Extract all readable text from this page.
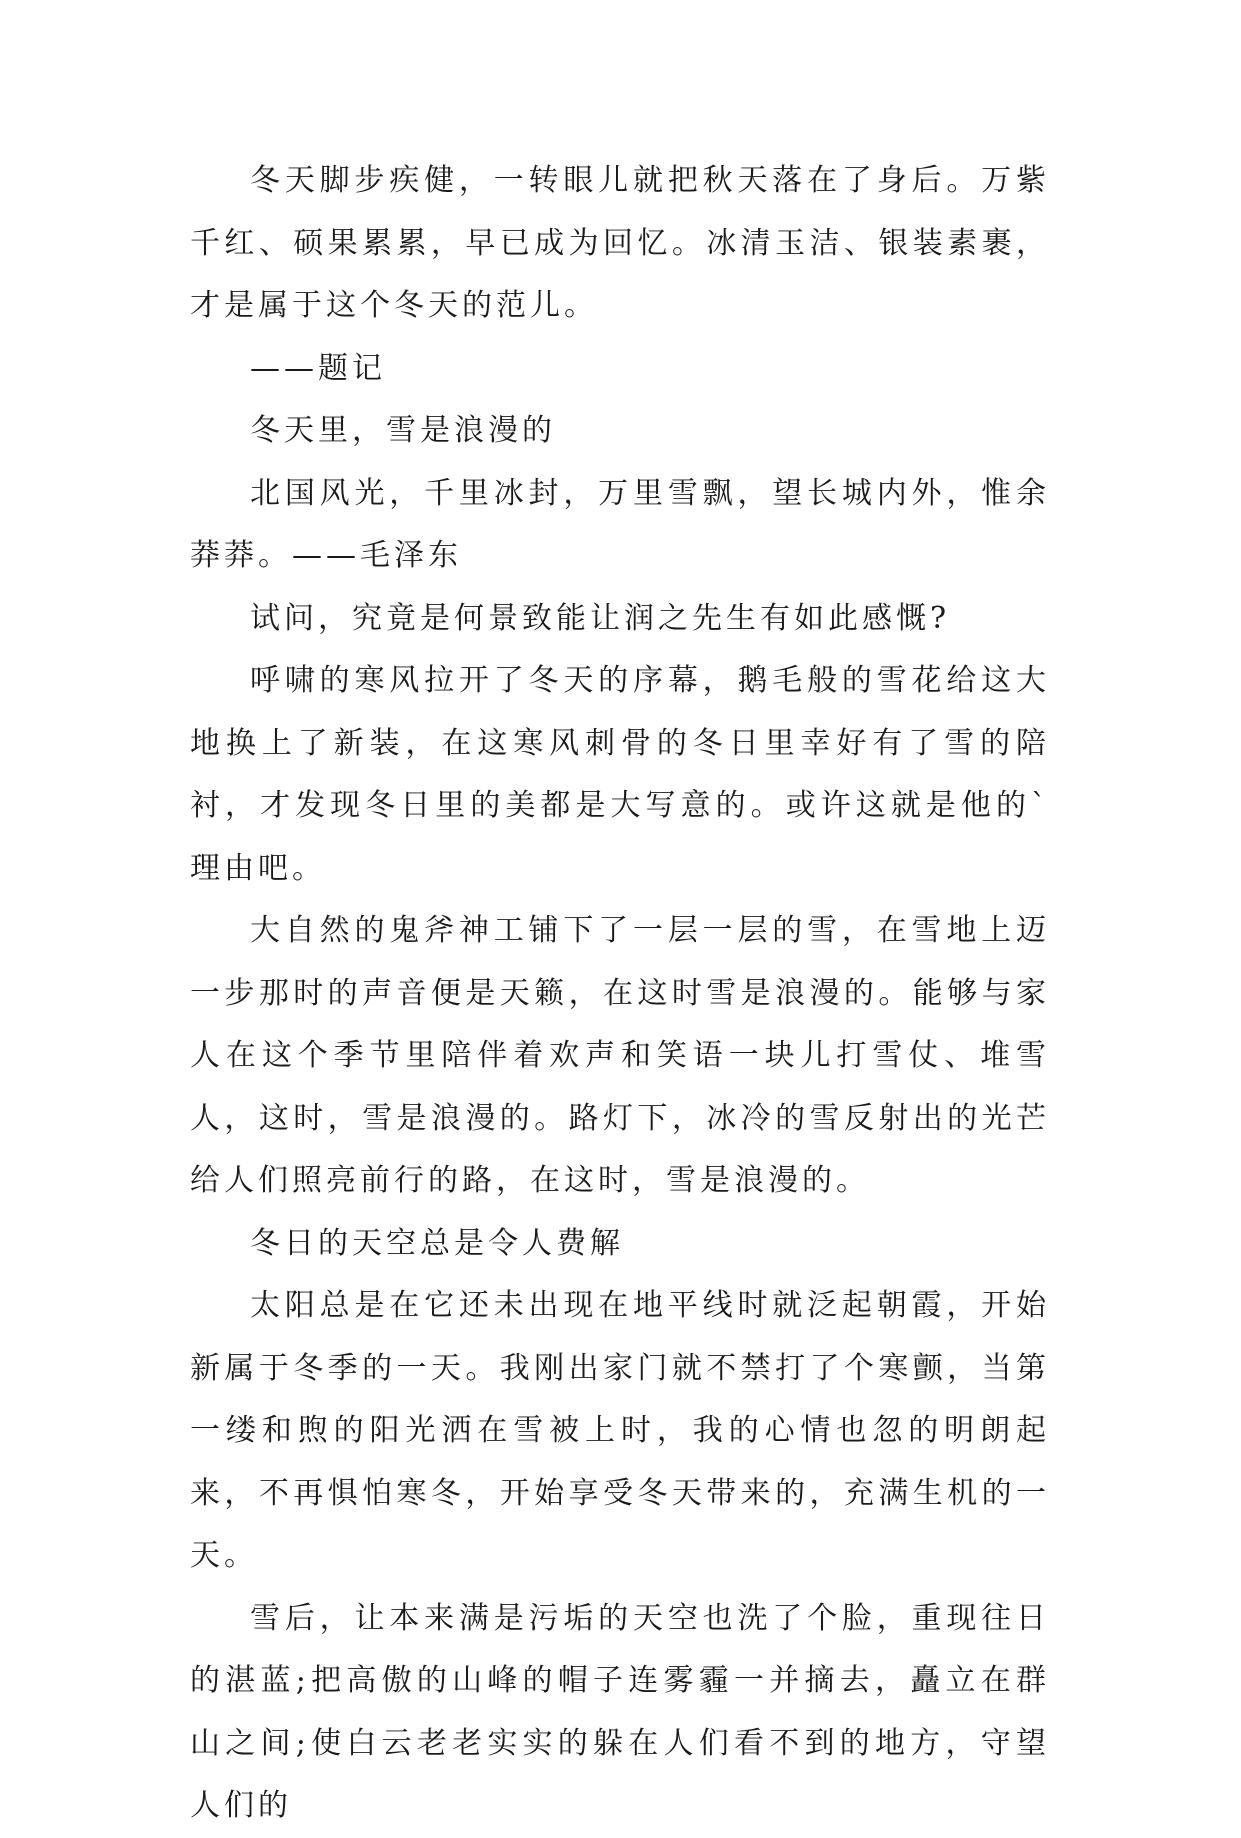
冬天脚步疾健，一转眼儿就把秋天落在了身后。万紫千红、硕果累累，早已成为回忆。冰清玉洁、银装素裹，才是属于这个冬天的范儿。

——题记

冬天里，雪是浪漫的

北国风光，千里冰封，万里雪飘，望长城内外，惟余莽莽。——毛泽东

试问，究竟是何景致能让润之先生有如此感慨?

呼啸的寒风拉开了冬天的序幕，鹅毛般的雪花给这大地换上了新装，在这寒风刺骨的冬日里幸好有了雪的陪衬，才发现冬日里的美都是大写意的。或许这就是他的`理由吧。

大自然的鬼斧神工铺下了一层一层的雪，在雪地上迈一步那时的声音便是天籁，在这时雪是浪漫的。能够与家人在这个季节里陪伴着欢声和笑语一块儿打雪仗、堆雪人，这时，雪是浪漫的。路灯下，冰冷的雪反射出的光芒给人们照亮前行的路，在这时，雪是浪漫的。

冬日的天空总是令人费解

太阳总是在它还未出现在地平线时就泛起朝霞，开始新属于冬季的一天。我刚出家门就不禁打了个寒颤，当第一缕和煦的阳光洒在雪被上时，我的心情也忽的明朗起来，不再惧怕寒冬，开始享受冬天带来的，充满生机的一天。

雪后，让本来满是污垢的天空也洗了个脸，重现往日的湛蓝;把高傲的山峰的帽子连雾霾一并摘去，矗立在群山之间;使白云老老实实的躲在人们看不到的地方，守望人们的
